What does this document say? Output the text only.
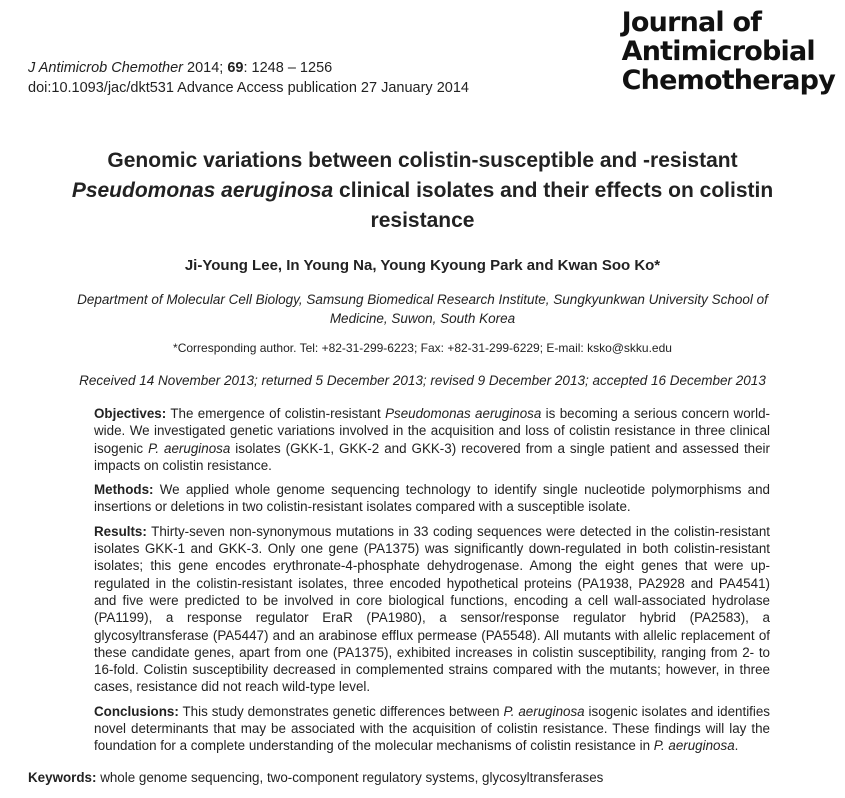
J Antimicrob Chemother 2014; 69: 1248 – 1256
doi:10.1093/jac/dkt531 Advance Access publication 27 January 2014
Journal of
Antimicrobial
Chemotherapy
Genomic variations between colistin-susceptible and -resistant
Pseudomonas aeruginosa clinical isolates and their effects on colistin resistance
Ji-Young Lee, In Young Na, Young Kyoung Park and Kwan Soo Ko*
Department of Molecular Cell Biology, Samsung Biomedical Research Institute, Sungkyunkwan University School of Medicine, Suwon, South Korea
*Corresponding author. Tel: +82-31-299-6223; Fax: +82-31-299-6229; E-mail: ksko@skku.edu
Received 14 November 2013; returned 5 December 2013; revised 9 December 2013; accepted 16 December 2013

Objectives: The emergence of colistin-resistant Pseudomonas aeruginosa is becoming a serious concern world-wide. We investigated genetic variations involved in the acquisition and loss of colistin resistance in three clinical isogenic P. aeruginosa isolates (GKK-1, GKK-2 and GKK-3) recovered from a single patient and assessed their impacts on colistin resistance.

Methods: We applied whole genome sequencing technology to identify single nucleotide polymorphisms and insertions or deletions in two colistin-resistant isolates compared with a susceptible isolate.

Results: Thirty-seven non-synonymous mutations in 33 coding sequences were detected in the colistin-resistant isolates GKK-1 and GKK-3. Only one gene (PA1375) was significantly down-regulated in both colistin-resistant isolates; this gene encodes erythronate-4-phosphate dehydrogenase. Among the eight genes that were up-regulated in the colistin-resistant isolates, three encoded hypothetical proteins (PA1938, PA2928 and PA4541) and five were predicted to be involved in core biological functions, encoding a cell wall-associated hydrolase (PA1199), a response regulator EraR (PA1980), a sensor/response regulator hybrid (PA2583), a glycosyltransferase (PA5447) and an arabinose efflux permease (PA5548). All mutants with allelic replacement of these candidate genes, apart from one (PA1375), exhibited increases in colistin susceptibility, ranging from 2- to 16-fold. Colistin susceptibility decreased in complemented strains compared with the mutants; however, in three cases, resistance did not reach wild-type level.

Conclusions: This study demonstrates genetic differences between P. aeruginosa isogenic isolates and identifies novel determinants that may be associated with the acquisition of colistin resistance. These findings will lay the foundation for a complete understanding of the molecular mechanisms of colistin resistance in P. aeruginosa.

Keywords: whole genome sequencing, two-component regulatory systems, glycosyltransferases
